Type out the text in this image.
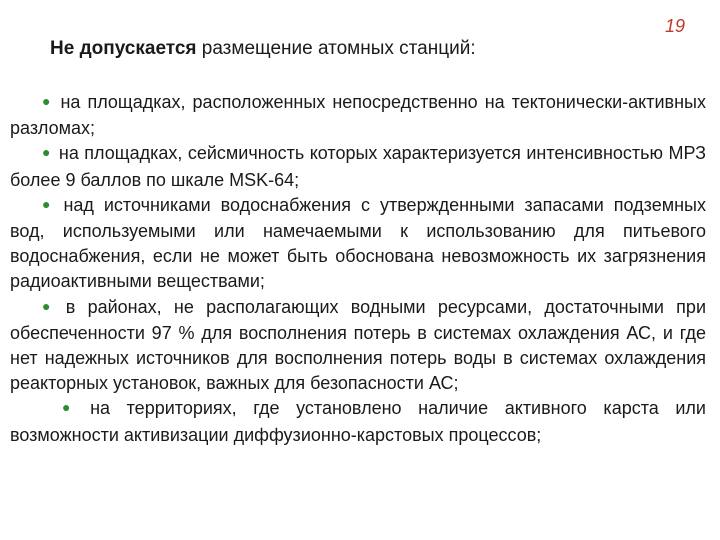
19
Не допускается размещение атомных станций:

● на площадках, расположенных непосредственно на тектонически-активных разломах;

● на площадках, сейсмичность которых характеризуется интенсивностью МРЗ более 9 баллов по шкале MSK-64;

● над источниками водоснабжения с утвержденными запасами подземных вод, используемыми или намечаемыми к использованию для питьевого водоснабжения, если не может быть обоснована невозможность их загрязнения радиоактивными веществами;

● в районах, не располагающих водными ресурсами, достаточными при обеспеченности 97 % для восполнения потерь в системах охлаждения АС, и где нет надежных источников для восполнения потерь воды в системах охлаждения реакторных установок, важных для безопасности АС;

● на территориях, где установлено наличие активного карста или возможности активизации диффузионно-карстовых процессов;
